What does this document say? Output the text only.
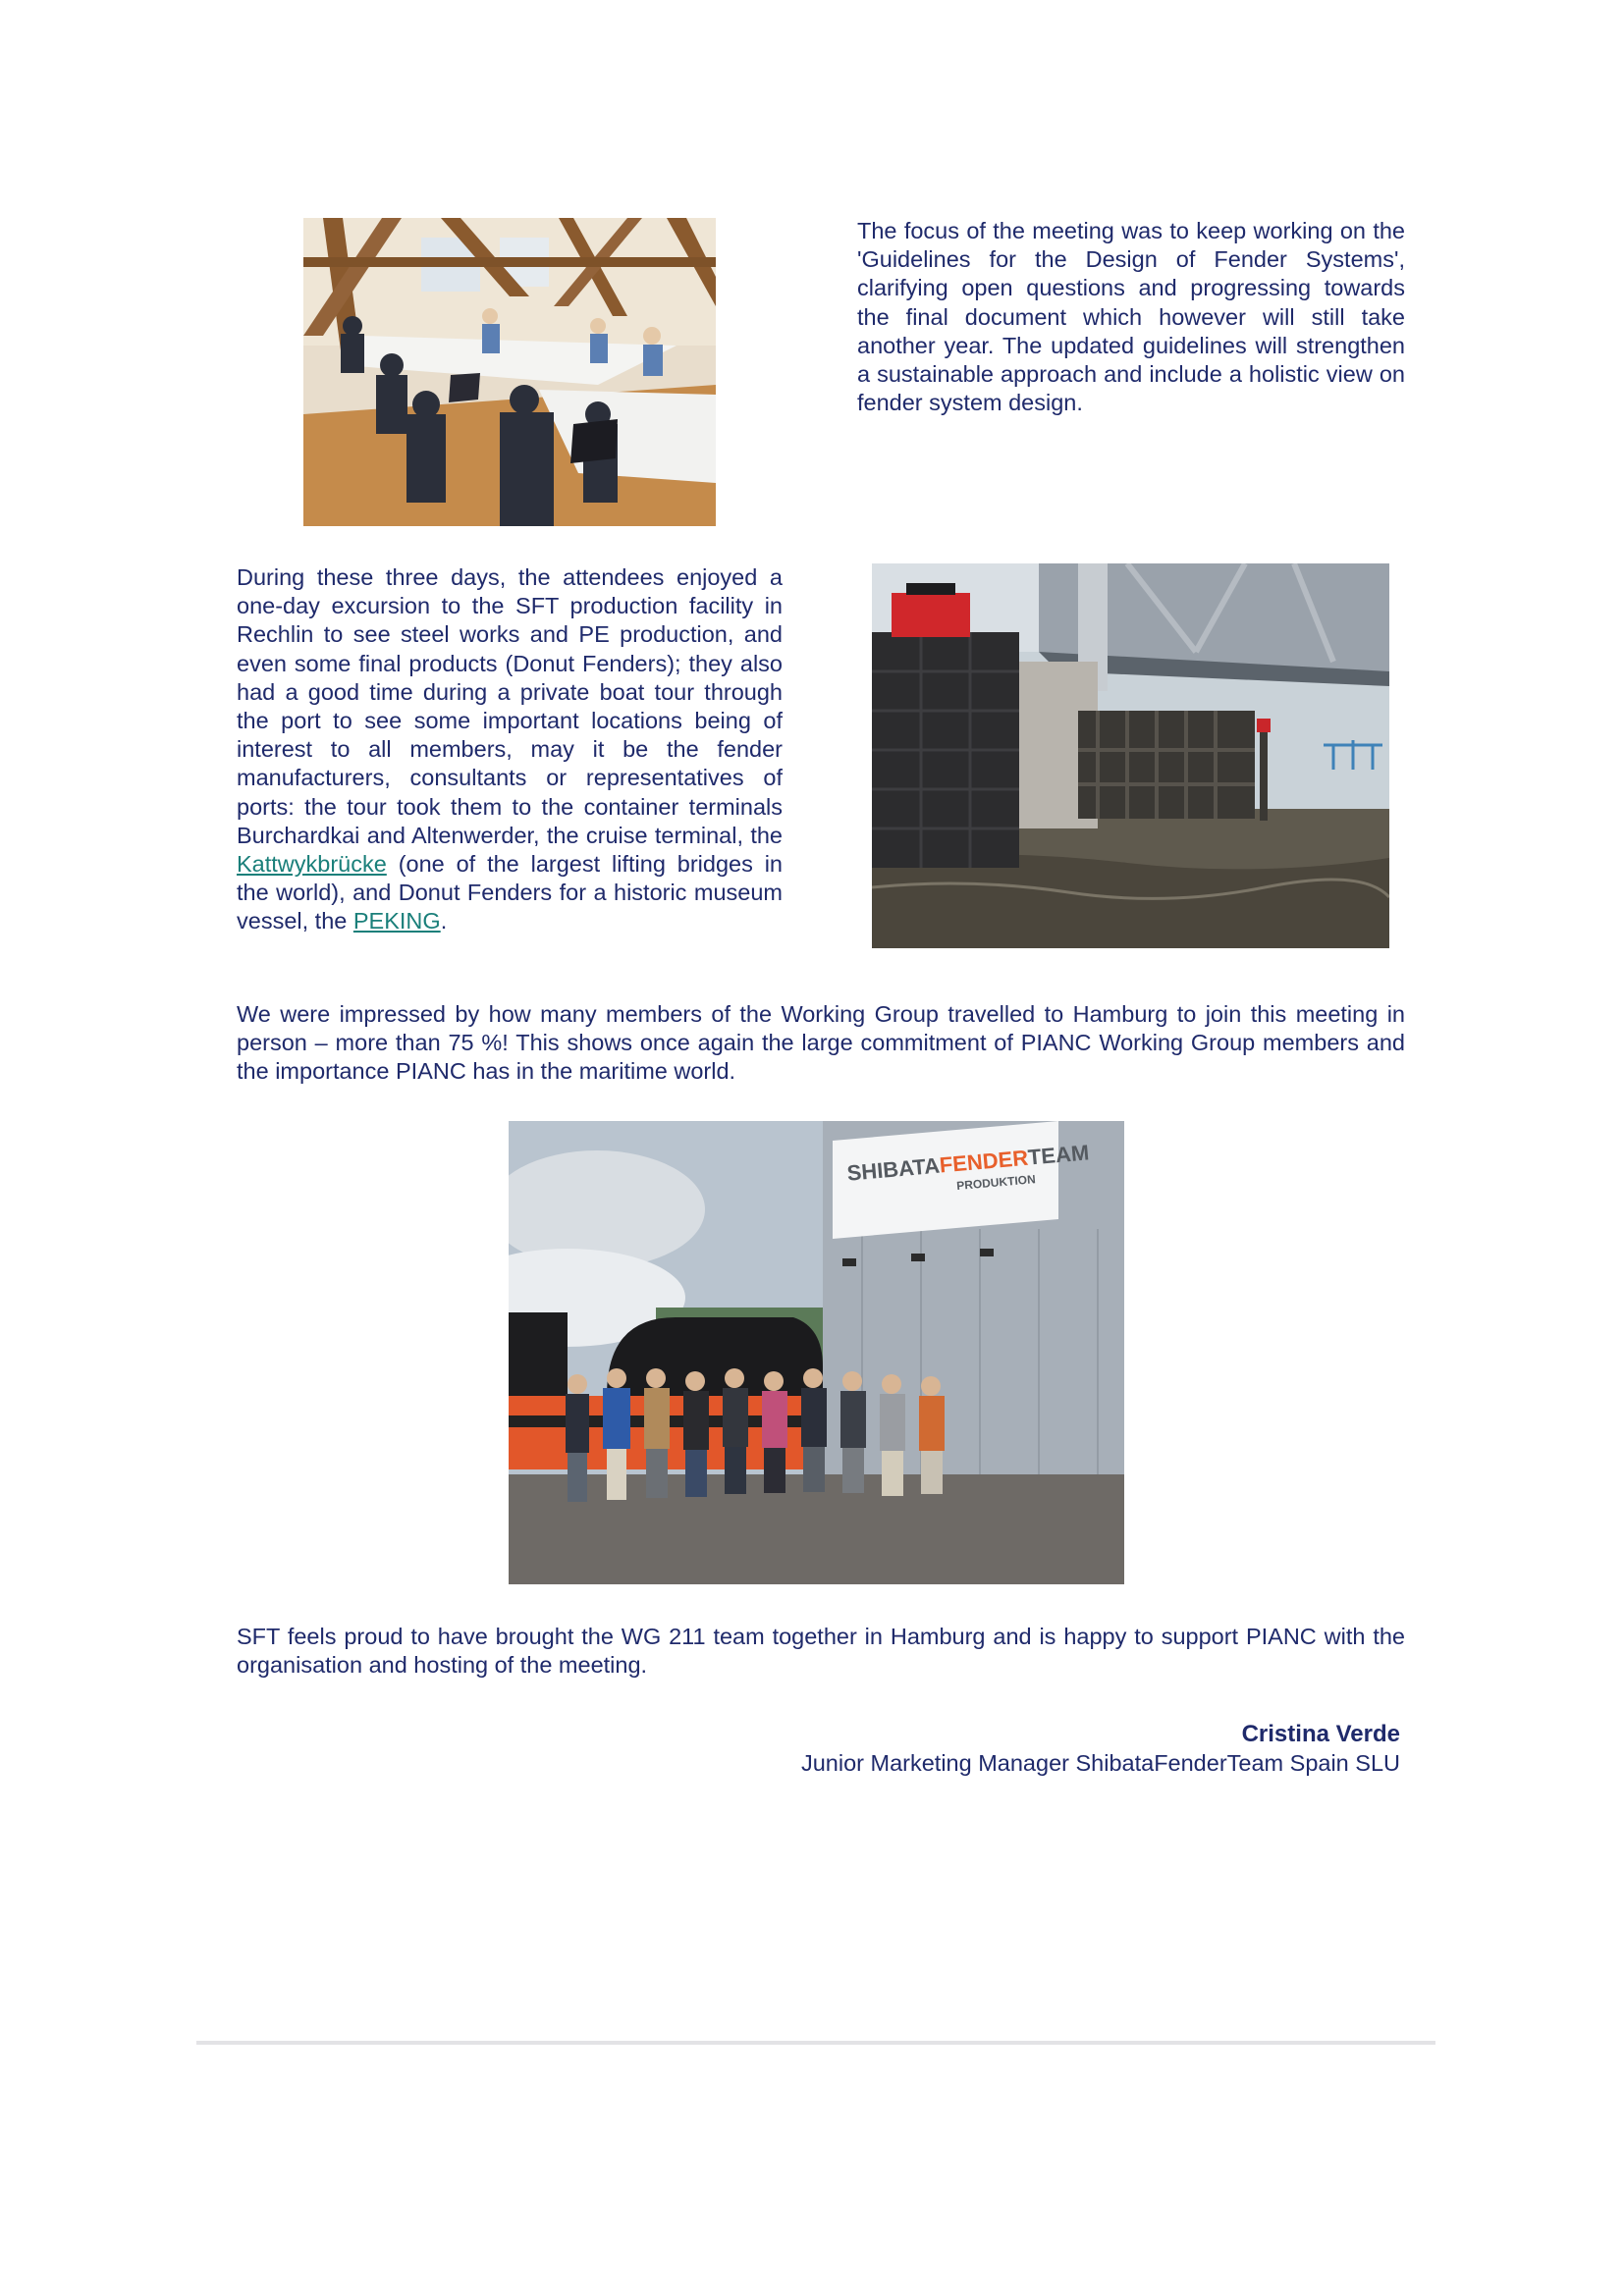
The focus of the meeting was to keep working on the 'Guidelines for the Design of Fender Systems', clarifying open questions and progressing towards the final document which however will still take another year. The updated guidelines will strengthen a sustainable approach and include a holistic view on fender system design.
During these three days, the attendees enjoyed a one-day excursion to the SFT production facility in Rechlin to see steel works and PE production, and even some final products (Donut Fenders); they also had a good time during a private boat tour through the port to see some important locations being of interest to all members, may it be the fender manufacturers, consultants or representatives of ports: the tour took them to the container terminals Burchardkai and Altenwerder, the cruise terminal, the Kattwykbrücke (one of the largest lifting bridges in the world), and Donut Fenders for a historic museum vessel, the PEKING.
We were impressed by how many members of the Working Group travelled to Hamburg to join this meeting in person – more than 75 %! This shows once again the large commitment of PIANC Working Group members and the importance PIANC has in the maritime world.
SHIBATAFENDERTEAM
PRODUKTION
SFT feels proud to have brought the WG 211 team together in Hamburg and is happy to support PIANC with the organisation and hosting of the meeting.
Cristina Verde
Junior Marketing Manager ShibataFenderTeam Spain SLU
